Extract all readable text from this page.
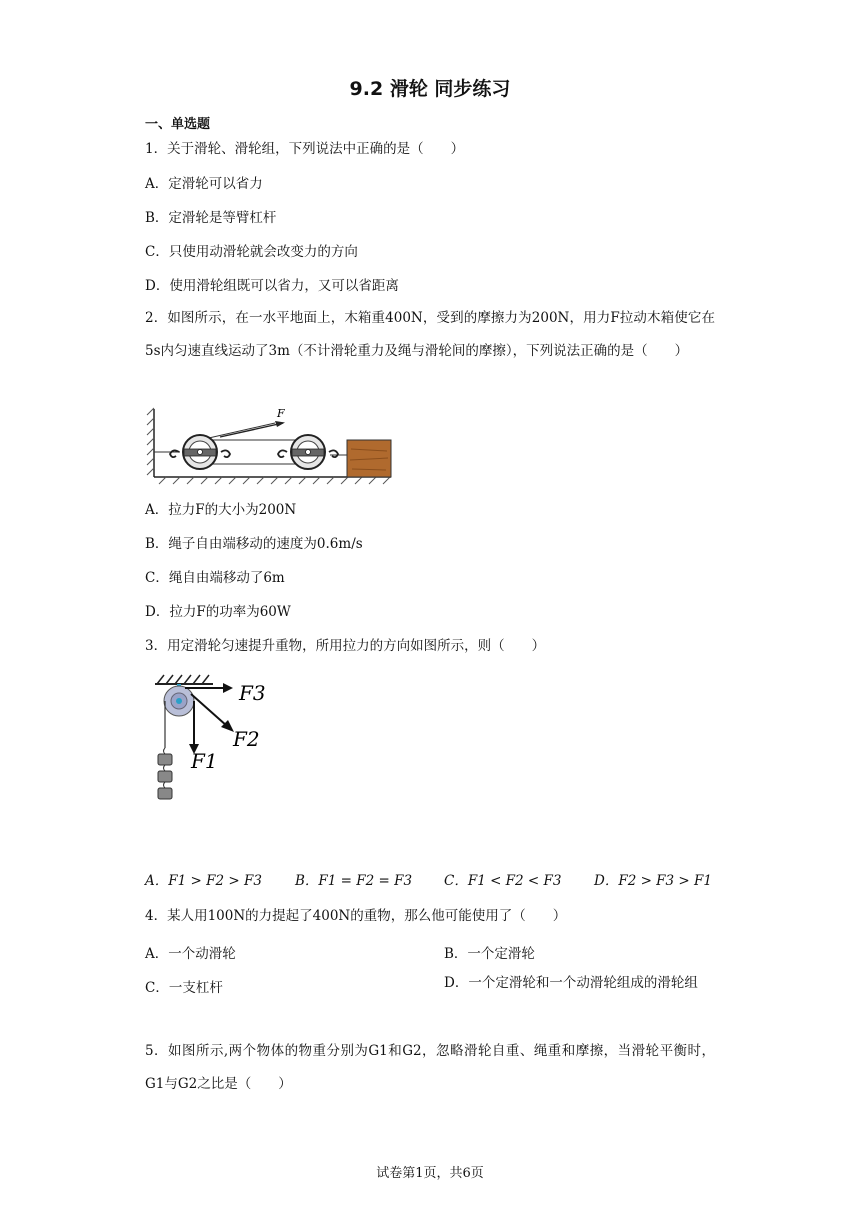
9.2 滑轮 同步练习
一、单选题
1．关于滑轮、滑轮组，下列说法中正确的是（　　）
A．定滑轮可以省力
B．定滑轮是等臂杠杆
C．只使用动滑轮就会改变力的方向
D．使用滑轮组既可以省力，又可以省距离
2．如图所示，在一水平地面上，木箱重400N，受到的摩擦力为200N，用力F拉动木箱使它在5s内匀速直线运动了3m（不计滑轮重力及绳与滑轮间的摩擦），下列说法正确的是（　　）
F
A．拉力F的大小为200N
B．绳子自由端移动的速度为0.6m/s
C．绳自由端移动了6m
D．拉力F的功率为60W
3．用定滑轮匀速提升重物，所用拉力的方向如图所示，则（　　）
F3
F2
F1
A．F1 > F2 > F3 B．F1 = F2 = F3 C．F1 < F2 < F3 D．F2 > F3 > F1
4．某人用100N的力提起了400N的重物，那么他可能使用了（　　）
A．一个动滑轮	B．一个定滑轮
C．一支杠杆	D．一个定滑轮和一个动滑轮组成的滑轮组
5．如图所示,两个物体的物重分别为G1和G2，忽略滑轮自重、绳重和摩擦，当滑轮平衡时，G1与G2之比是（　　）
试卷第1页，共6页
